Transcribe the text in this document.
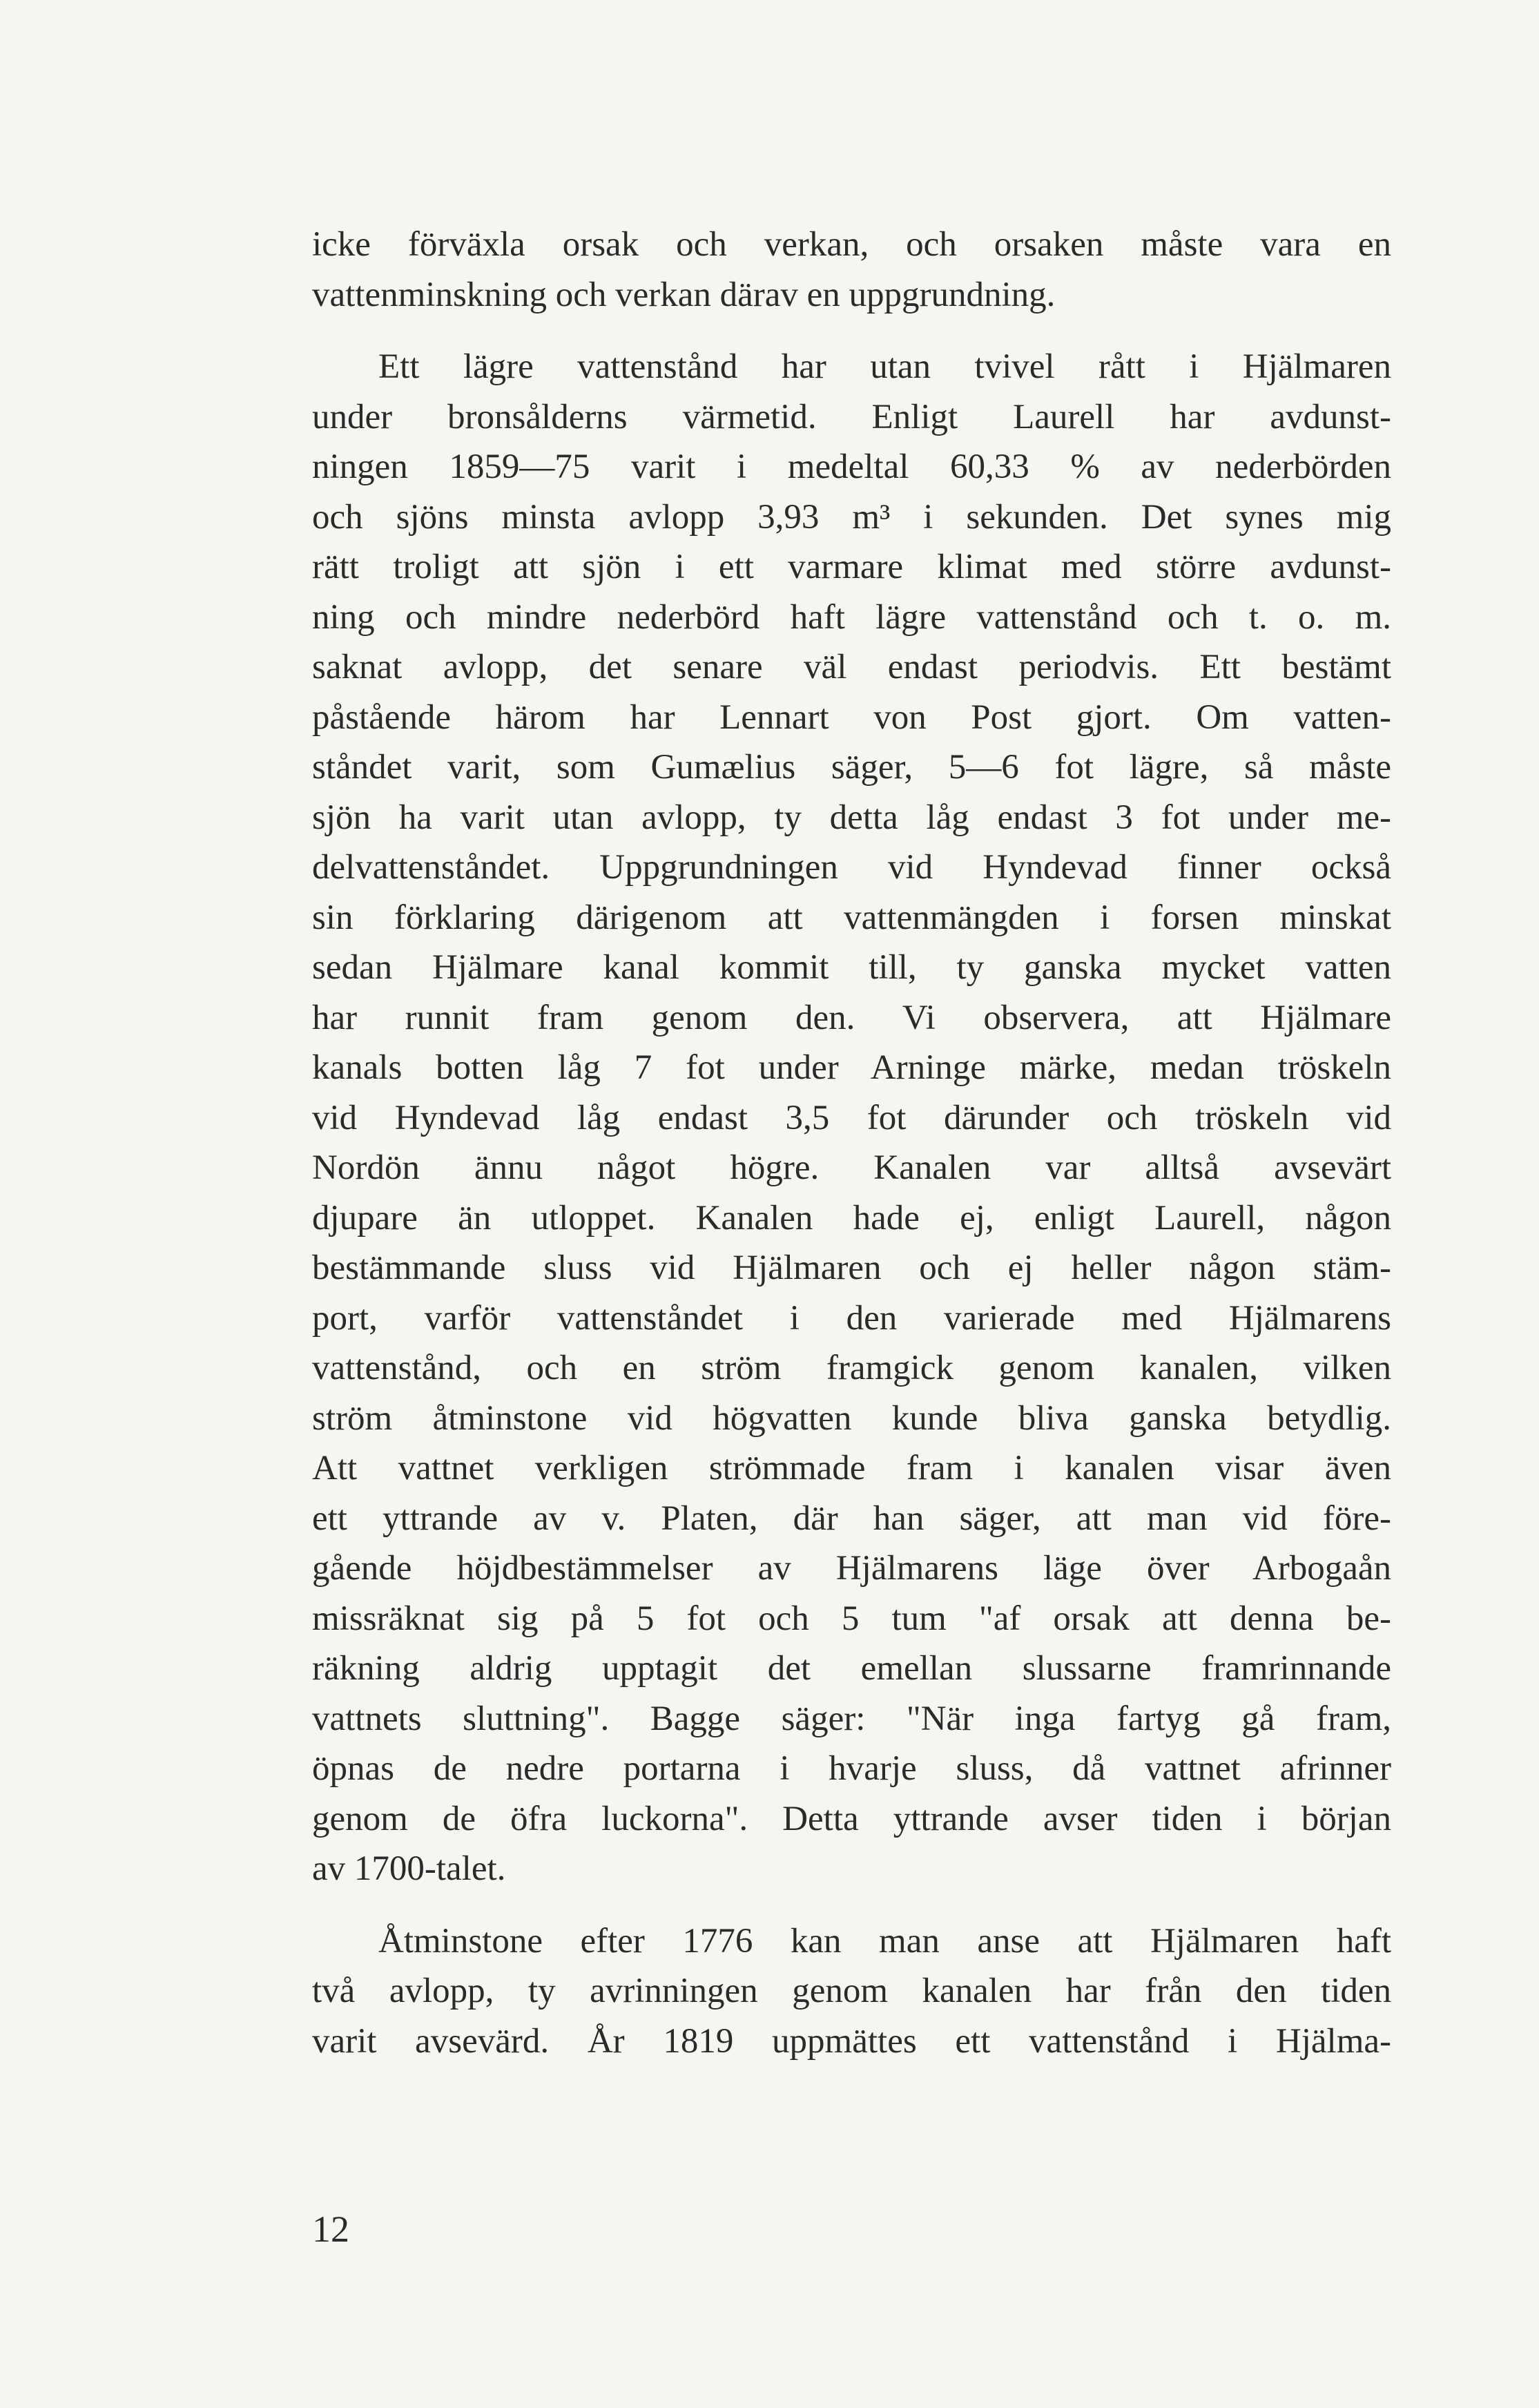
icke förväxla orsak och verkan, och orsaken måste vara en
vattenminskning och verkan därav en uppgrundning.

Ett lägre vattenstånd har utan tvivel rått i Hjälmaren
under bronsålderns värmetid. Enligt Laurell har avdunst-
ningen 1859—75 varit i medeltal 60,33 % av nederbörden
och sjöns minsta avlopp 3,93 m³ i sekunden. Det synes mig
rätt troligt att sjön i ett varmare klimat med större avdunst-
ning och mindre nederbörd haft lägre vattenstånd och t. o. m.
saknat avlopp, det senare väl endast periodvis. Ett bestämt
påstående härom har Lennart von Post gjort. Om vatten-
ståndet varit, som Gumælius säger, 5—6 fot lägre, så måste
sjön ha varit utan avlopp, ty detta låg endast 3 fot under me-
delvattenståndet. Uppgrundningen vid Hyndevad finner också
sin förklaring därigenom att vattenmängden i forsen minskat
sedan Hjälmare kanal kommit till, ty ganska mycket vatten
har runnit fram genom den. Vi observera, att Hjälmare
kanals botten låg 7 fot under Arninge märke, medan tröskeln
vid Hyndevad låg endast 3,5 fot därunder och tröskeln vid
Nordön ännu något högre. Kanalen var alltså avsevärt
djupare än utloppet. Kanalen hade ej, enligt Laurell, någon
bestämmande sluss vid Hjälmaren och ej heller någon stäm-
port, varför vattenståndet i den varierade med Hjälmarens
vattenstånd, och en ström framgick genom kanalen, vilken
ström åtminstone vid högvatten kunde bliva ganska betydlig.
Att vattnet verkligen strömmade fram i kanalen visar även
ett yttrande av v. Platen, där han säger, att man vid före-
gående höjdbestämmelser av Hjälmarens läge över Arbogaån
missräknat sig på 5 fot och 5 tum "af orsak att denna be-
räkning aldrig upptagit det emellan slussarne framrinnande
vattnets sluttning". Bagge säger: "När inga fartyg gå fram,
öpnas de nedre portarna i hvarje sluss, då vattnet afrinner
genom de öfra luckorna". Detta yttrande avser tiden i början
av 1700-talet.

Åtminstone efter 1776 kan man anse att Hjälmaren haft
två avlopp, ty avrinningen genom kanalen har från den tiden
varit avsevärd. År 1819 uppmättes ett vattenstånd i Hjälma-

12
